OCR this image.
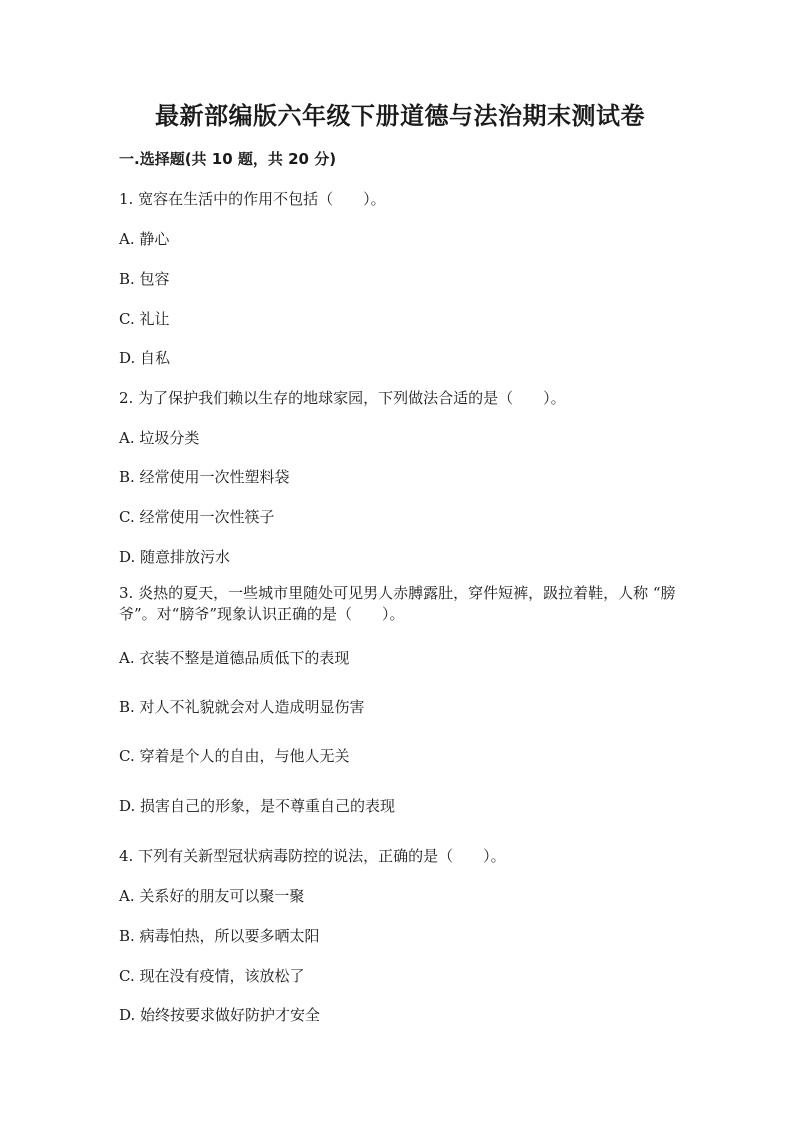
最新部编版六年级下册道德与法治期末测试卷
一.选择题(共 10 题，共 20 分)
1. 宽容在生活中的作用不包括（　　）。
A. 静心
B. 包容
C. 礼让
D. 自私
2. 为了保护我们赖以生存的地球家园，下列做法合适的是（　　）。
A. 垃圾分类
B. 经常使用一次性塑料袋
C. 经常使用一次性筷子
D. 随意排放污水
3. 炎热的夏天，一些城市里随处可见男人赤膊露肚，穿件短裤，趿拉着鞋，人称 “膀爷”。对“膀爷”现象认识正确的是（　　）。
A. 衣装不整是道德品质低下的表现
B. 对人不礼貌就会对人造成明显伤害
C. 穿着是个人的自由，与他人无关
D. 损害自己的形象，是不尊重自己的表现
4. 下列有关新型冠状病毒防控的说法，正确的是（　　）。
A. 关系好的朋友可以聚一聚
B. 病毒怕热，所以要多晒太阳
C. 现在没有疫情，该放松了
D. 始终按要求做好防护才安全
